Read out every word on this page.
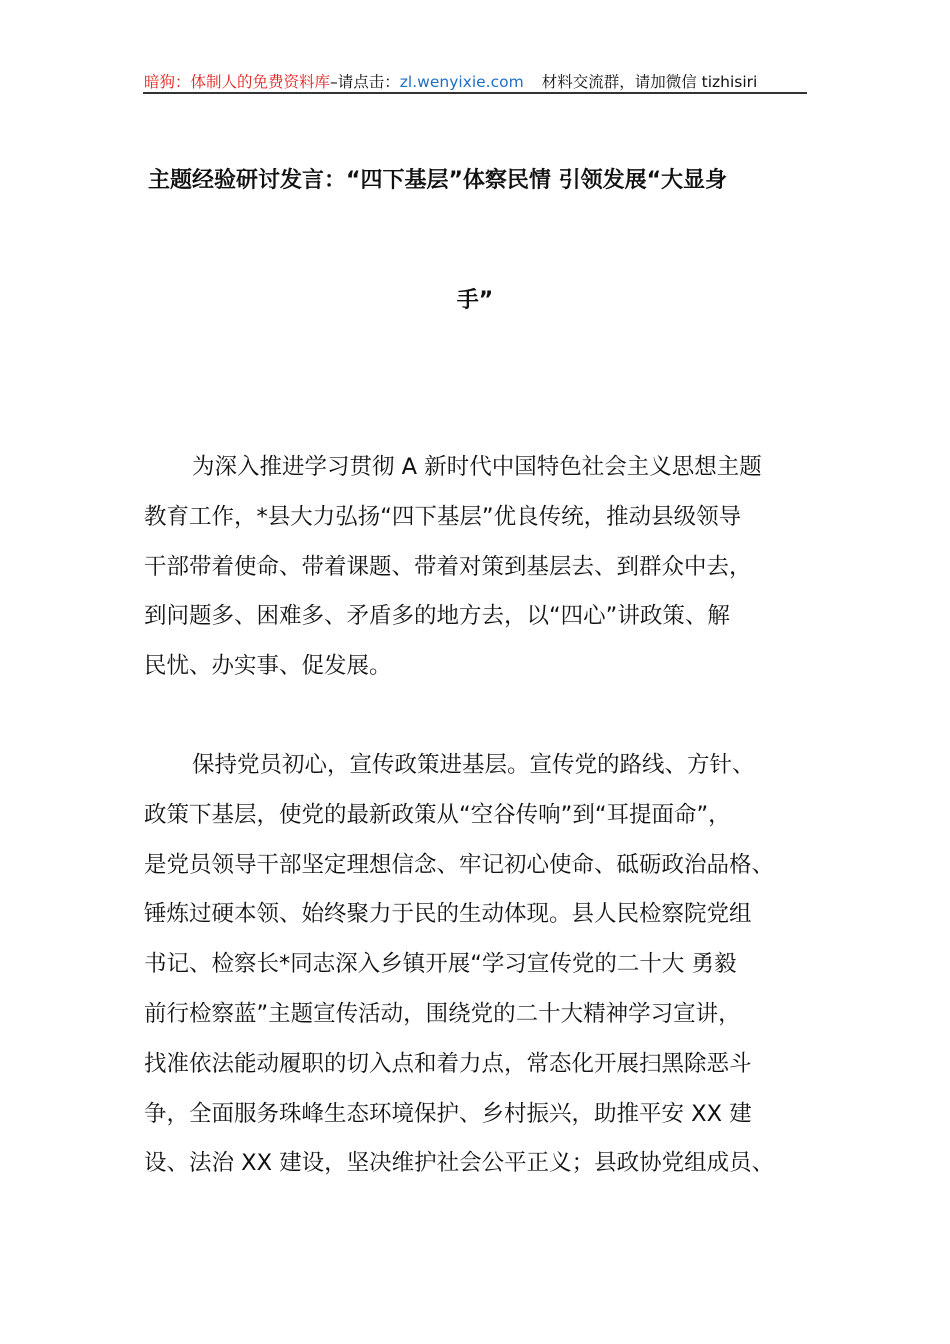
暗狗：体制人的免费资料库–请点击：zl.wenyixie.com 材料交流群，请加微信 tizhisiri
主题经验研讨发言：“四下基层”体察民情 引领发展“大显身
手”
为深入推进学习贯彻 A 新时代中国特色社会主义思想主题
教育工作，*县大力弘扬“四下基层”优良传统，推动县级领导
干部带着使命、带着课题、带着对策到基层去、到群众中去，
到问题多、困难多、矛盾多的地方去，以“四心”讲政策、解
民忧、办实事、促发展。
保持党员初心，宣传政策进基层。宣传党的路线、方针、
政策下基层，使党的最新政策从“空谷传响”到“耳提面命”，
是党员领导干部坚定理想信念、牢记初心使命、砥砺政治品格、
锤炼过硬本领、始终聚力于民的生动体现。县人民检察院党组
书记、检察长*同志深入乡镇开展“学习宣传党的二十大 勇毅
前行检察蓝”主题宣传活动，围绕党的二十大精神学习宣讲，
找准依法能动履职的切入点和着力点，常态化开展扫黑除恶斗
争，全面服务珠峰生态环境保护、乡村振兴，助推平安 XX 建
设、法治 XX 建设，坚决维护社会公平正义；县政协党组成员、
